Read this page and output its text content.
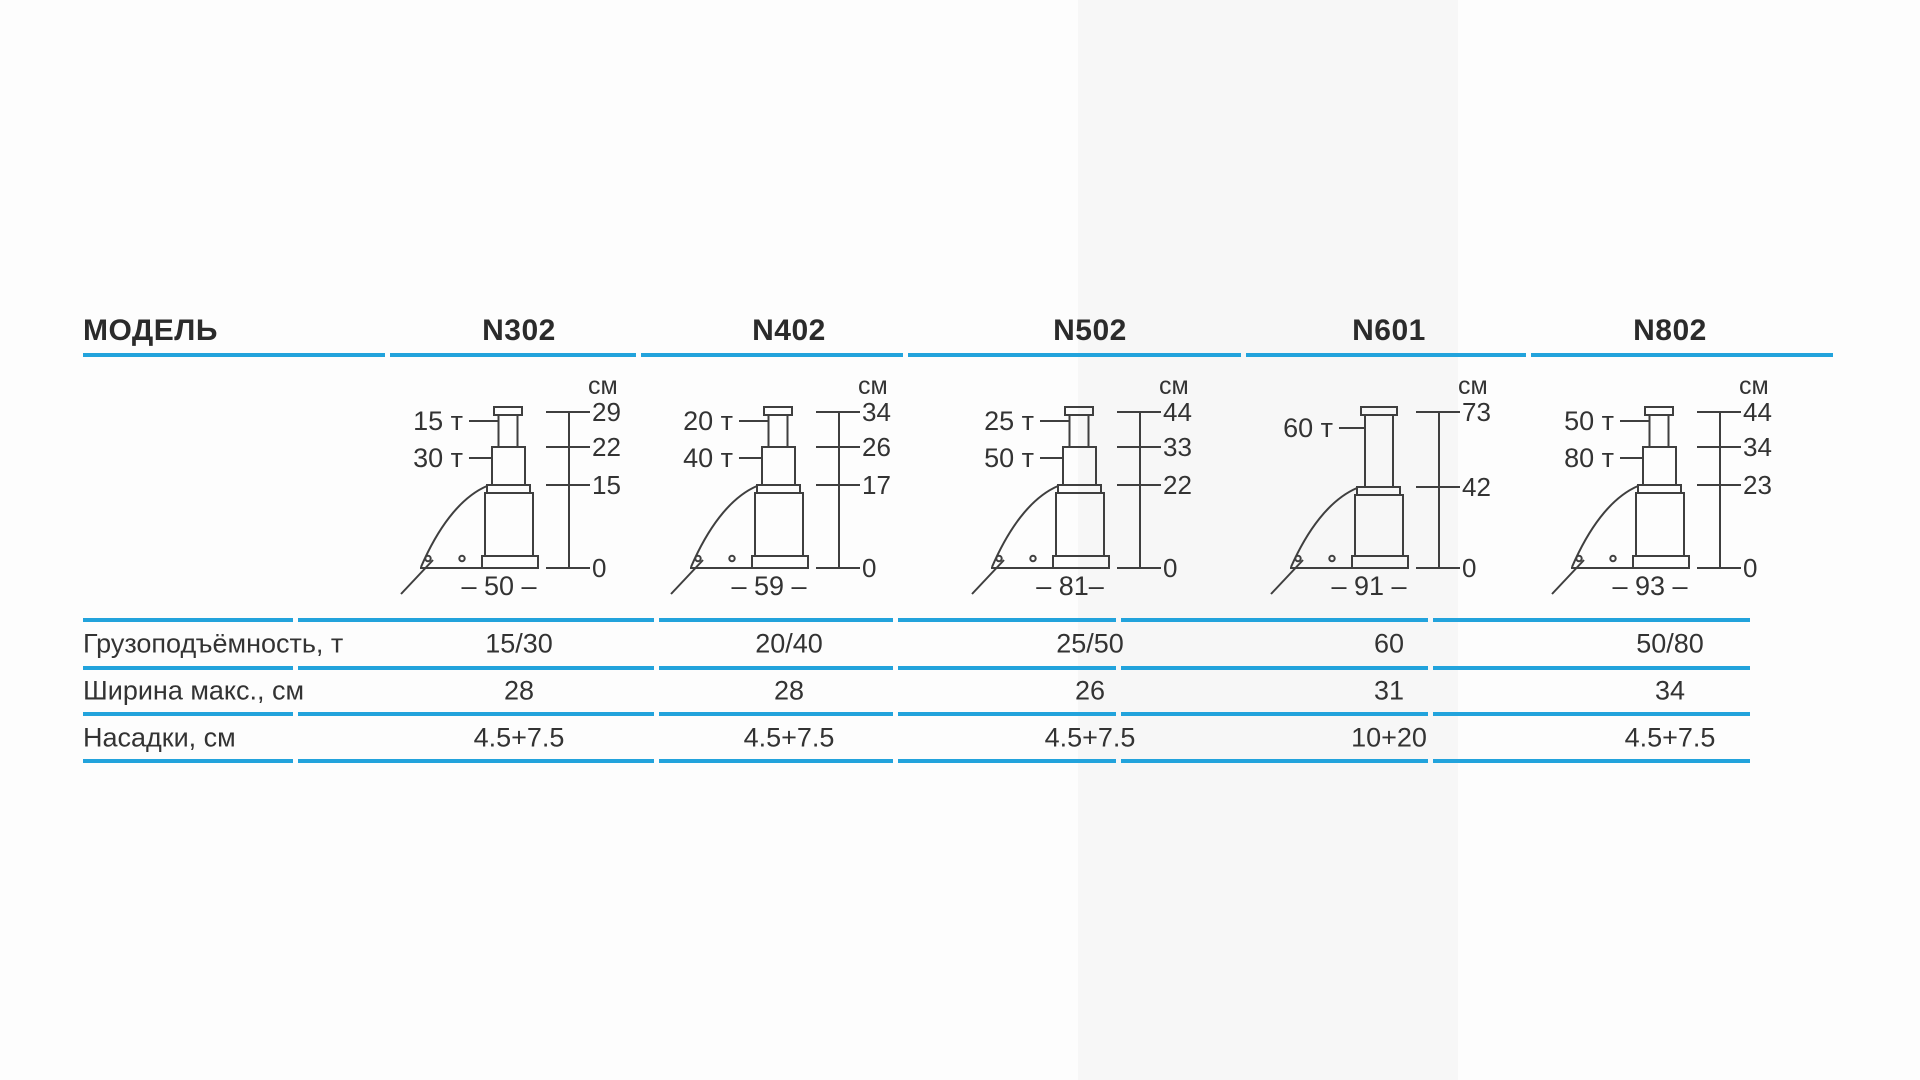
МОДЕЛЬ	N302	N402	N502	N601	N802
29
22
15
0
см
15 т
30 т
– 50 –
34
26
17
0
см
20 т
40 т
– 59 –
44
33
22
0
см
25 т
50 т
– 81–
73
42
0
см
60 т
– 91 –
44
34
23
0
см
50 т
80 т
– 93 –
Грузоподъёмность, т	15/30	20/40	25/50	60	50/80
Ширина макс., см	28	28	26	31	34
Насадки, см	4.5+7.5	4.5+7.5	4.5+7.5	10+20	4.5+7.5
